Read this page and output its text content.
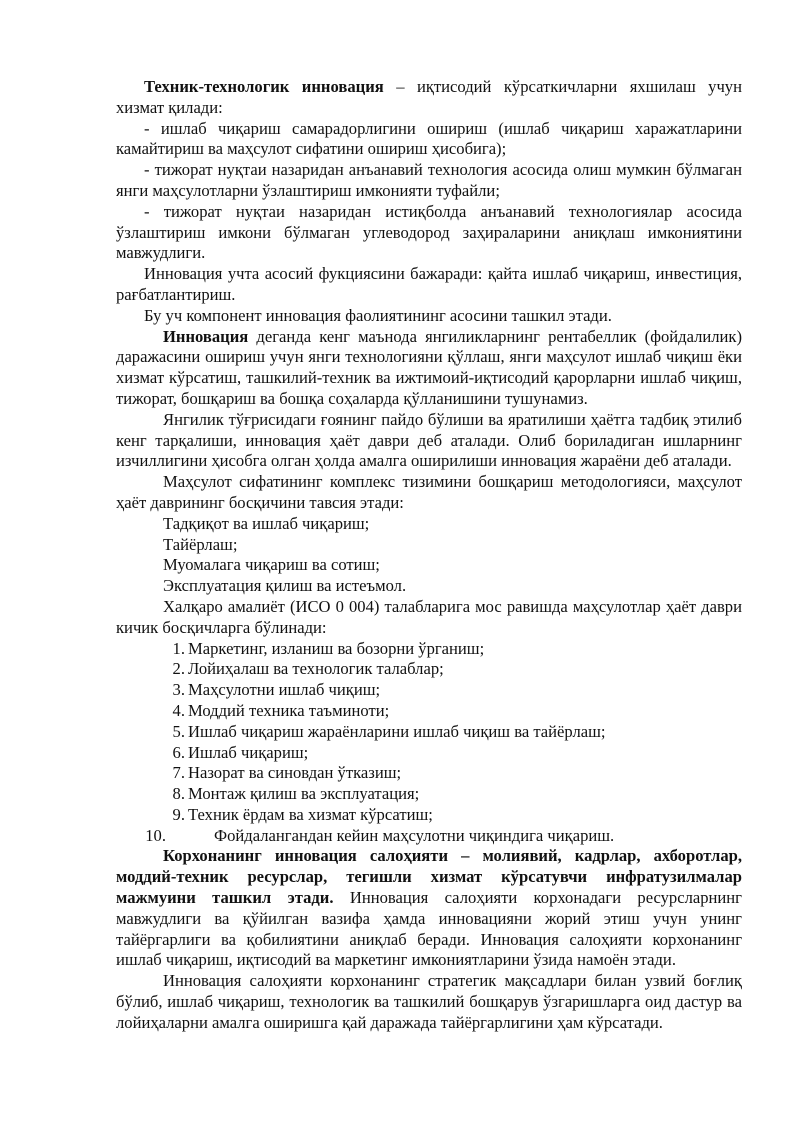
Техник-технологик инновация – иқтисодий кўрсаткичларни яхшилаш учун хизмат қилади:

- ишлаб чиқариш самарадорлигини ошириш (ишлаб чиқариш харажатларини камайтириш ва маҳсулот сифатини ошириш ҳисобига);

- тижорат нуқтаи назаридан анъанавий технология асосида олиш мумкин бўлмаган янги маҳсулотларни ўзлаштириш имконияти туфайли;

- тижорат нуқтаи назаридан истиқболда анъанавий технологиялар асосида ўзлаштириш имкони бўлмаган углеводород заҳираларини аниқлаш имкониятини мавжудлиги.

Инновация учта асосий фукциясини бажаради: қайта ишлаб чиқариш, инвестиция, рағбатлантириш.

Бу уч компонент инновация фаолиятининг асосини ташкил этади.

Инновация деганда кенг маънода янгиликларнинг рентабеллик (фойдалилик) даражасини ошириш учун янги технологияни қўллаш, янги маҳсулот ишлаб чиқиш ёки хизмат кўрсатиш, ташкилий-техник ва ижтимоий-иқтисодий қарорларни ишлаб чиқиш, тижорат, бошқариш ва бошқа соҳаларда қўлланишини тушунамиз.

Янгилик тўғрисидаги ғоянинг пайдо бўлиши ва яратилиши ҳаётга тадбиқ этилиб кенг тарқалиши, инновация ҳаёт даври деб аталади. Олиб бориладиган ишларнинг изчиллигини ҳисобга олган ҳолда амалга оширилиши инновация жараёни деб аталади.

Маҳсулот сифатининг комплекс тизимини бошқариш методологияси, маҳсулот ҳаёт даврининг босқичини тавсия этади:

Тадқиқот ва ишлаб чиқариш;

Тайёрлаш;

Муомалага чиқариш ва сотиш;

Эксплуатация қилиш ва истеъмол.

Халқаро амалиёт (ИСО 0 004) талабларига мос равишда маҳсулотлар ҳаёт даври кичик босқичларга бўлинади:

1. Маркетинг, изланиш ва бозорни ўрганиш;
2. Лойиҳалаш ва технологик талаблар;
3. Маҳсулотни ишлаб чиқиш;
4. Моддий техника таъминоти;
5. Ишлаб чиқариш жараёнларини ишлаб чиқиш ва тайёрлаш;
6. Ишлаб чиқариш;
7. Назорат ва синовдан ўтказиш;
8. Монтаж қилиш ва эксплуатация;
9. Техник ёрдам ва хизмат кўрсатиш;
10.	Фойдалангандан кейин маҳсулотни чиқиндига чиқариш.

Корхонанинг инновация салоҳияти – молиявий, кадрлар, ахборотлар, моддий-техник ресурслар, тегишли хизмат кўрсатувчи инфратузилмалар мажмуини ташкил этади. Инновация салоҳияти корхонадаги ресурсларнинг мавжудлиги ва қўйилган вазифа ҳамда инновацияни жорий этиш учун унинг тайёргарлиги ва қобилиятини аниқлаб беради. Инновация салоҳияти корхонанинг ишлаб чиқариш, иқтисодий ва маркетинг имкониятларини ўзида намоён этади.

Инновация салоҳияти корхонанинг стратегик мақсадлари билан узвий боғлиқ бўлиб, ишлаб чиқариш, технологик ва ташкилий бошқарув ўзгаришларга оид дастур ва лойиҳаларни амалга оширишга қай даражада тайёргарлигини ҳам кўрсатади.
